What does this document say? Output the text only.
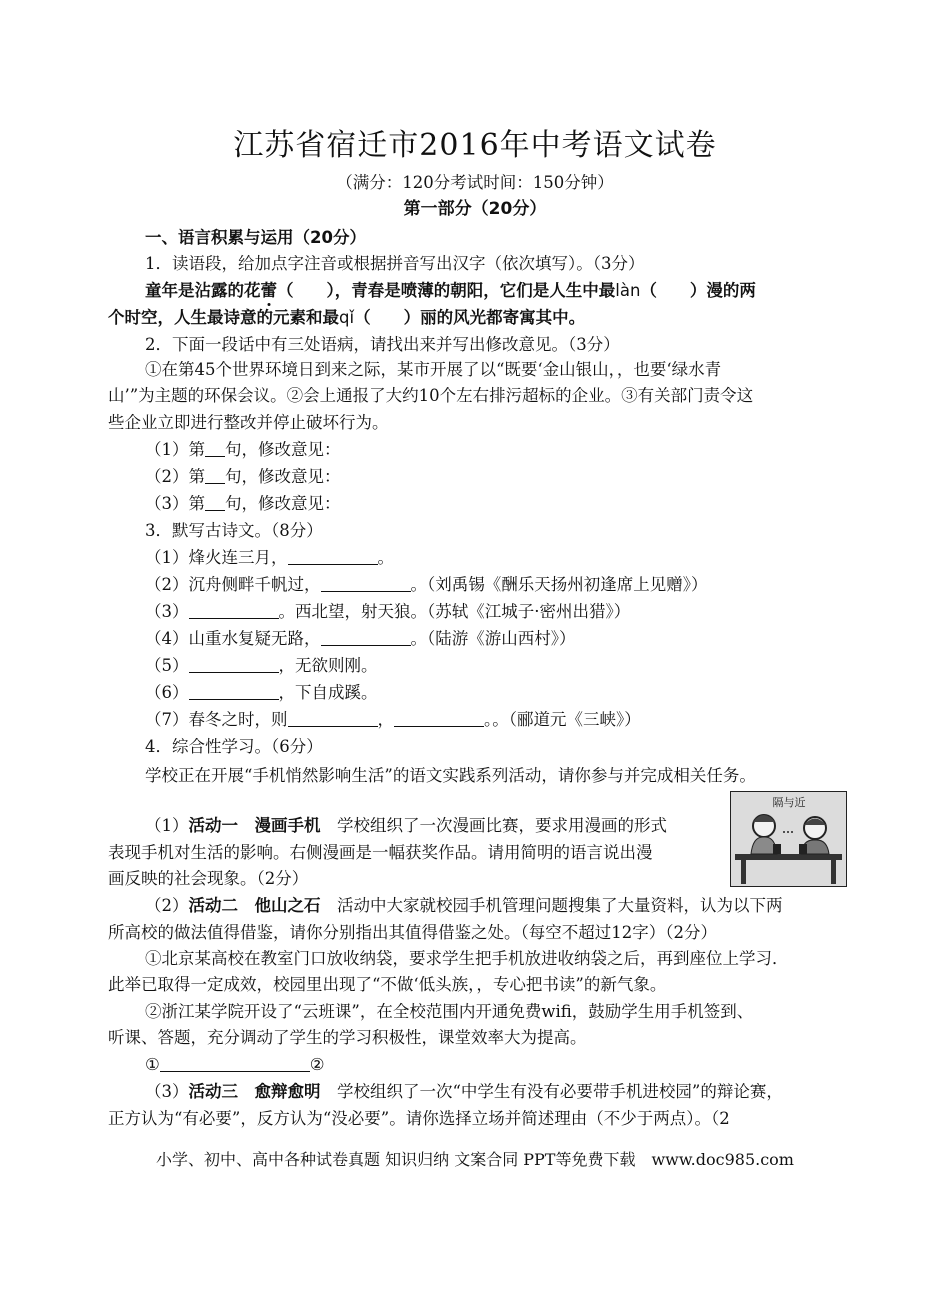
江苏省宿迁市2016年中考语文试卷
（满分：120分考试时间：150分钟）
第一部分（20分）
一、语言积累与运用（20分）
1．读语段，给加点字注音或根据拼音写出汉字（依次填写）。（3分）
童年是沾露的花蕾（　　），青春是喷薄的朝阳，它们是人生中最làn（　　）漫的两
个时空，人生最诗意的元素和最qǐ（　　）丽的风光都寄寓其中。
2．下面一段话中有三处语病，请找出来并写出修改意见。（3分）
①在第45个世界环境日到来之际，某市开展了以“既要‘金山银山，，也要‘绿水青
山’”为主题的环保会议。②会上通报了大约10个左右排污超标的企业。③有关部门责令这
些企业立即进行整改并停止破坏行为。
（1）第 句，修改意见：
（2）第 句，修改意见：
（3）第 句，修改意见：
3．默写古诗文。（8分）
（1）烽火连三月，	。
（2）沉舟侧畔千帆过，	。（刘禹锡《酬乐天扬州初逢席上见赠》）
（3）	。西北望，射天狼。（苏轼《江城子·密州出猎》）
（4）山重水复疑无路，	。（陆游《游山西村》）
（5）	，无欲则刚。
（6）	，下自成蹊。
（7）春冬之时，则	，	。。（郦道元《三峡》）
4．综合性学习。（6分）
学校正在开展“手机悄然影响生活”的语文实践系列活动，请你参与并完成相关任务。
（1）活动一　漫画手机　 学校组织了一次漫画比赛，要求用漫画的形式
表现手机对生活的影响。右侧漫画是一幅获奖作品。请用简明的语言说出漫
画反映的社会现象。（2分）
隔与近
（2）活动二　他山之石　 活动中大家就校园手机管理问题搜集了大量资料，认为以下两
所高校的做法值得借鉴，请你分别指出其值得借鉴之处。（每空不超过12字）（2分）
①北京某高校在教室门口放收纳袋，要求学生把手机放进收纳袋之后，再到座位上学习．
此举已取得一定成效，校园里出现了“不做‘低头族，，专心把书读”的新气象。
②浙江某学院开设了“云班课”，在全校范围内开通免费wifi，鼓励学生用手机签到、
听课、答题，充分调动了学生的学习积极性，课堂效率大为提高。
①	②
（3）活动三　愈辩愈明　 学校组织了一次“中学生有没有必要带手机进校园”的辩论赛，
正方认为“有必要”，反方认为“没必要”。请你选择立场并简述理由（不少于两点）。（2
小学、初中、高中各种试卷真题 知识归纳 文案合同 PPT等免费下载　www.doc985.com
